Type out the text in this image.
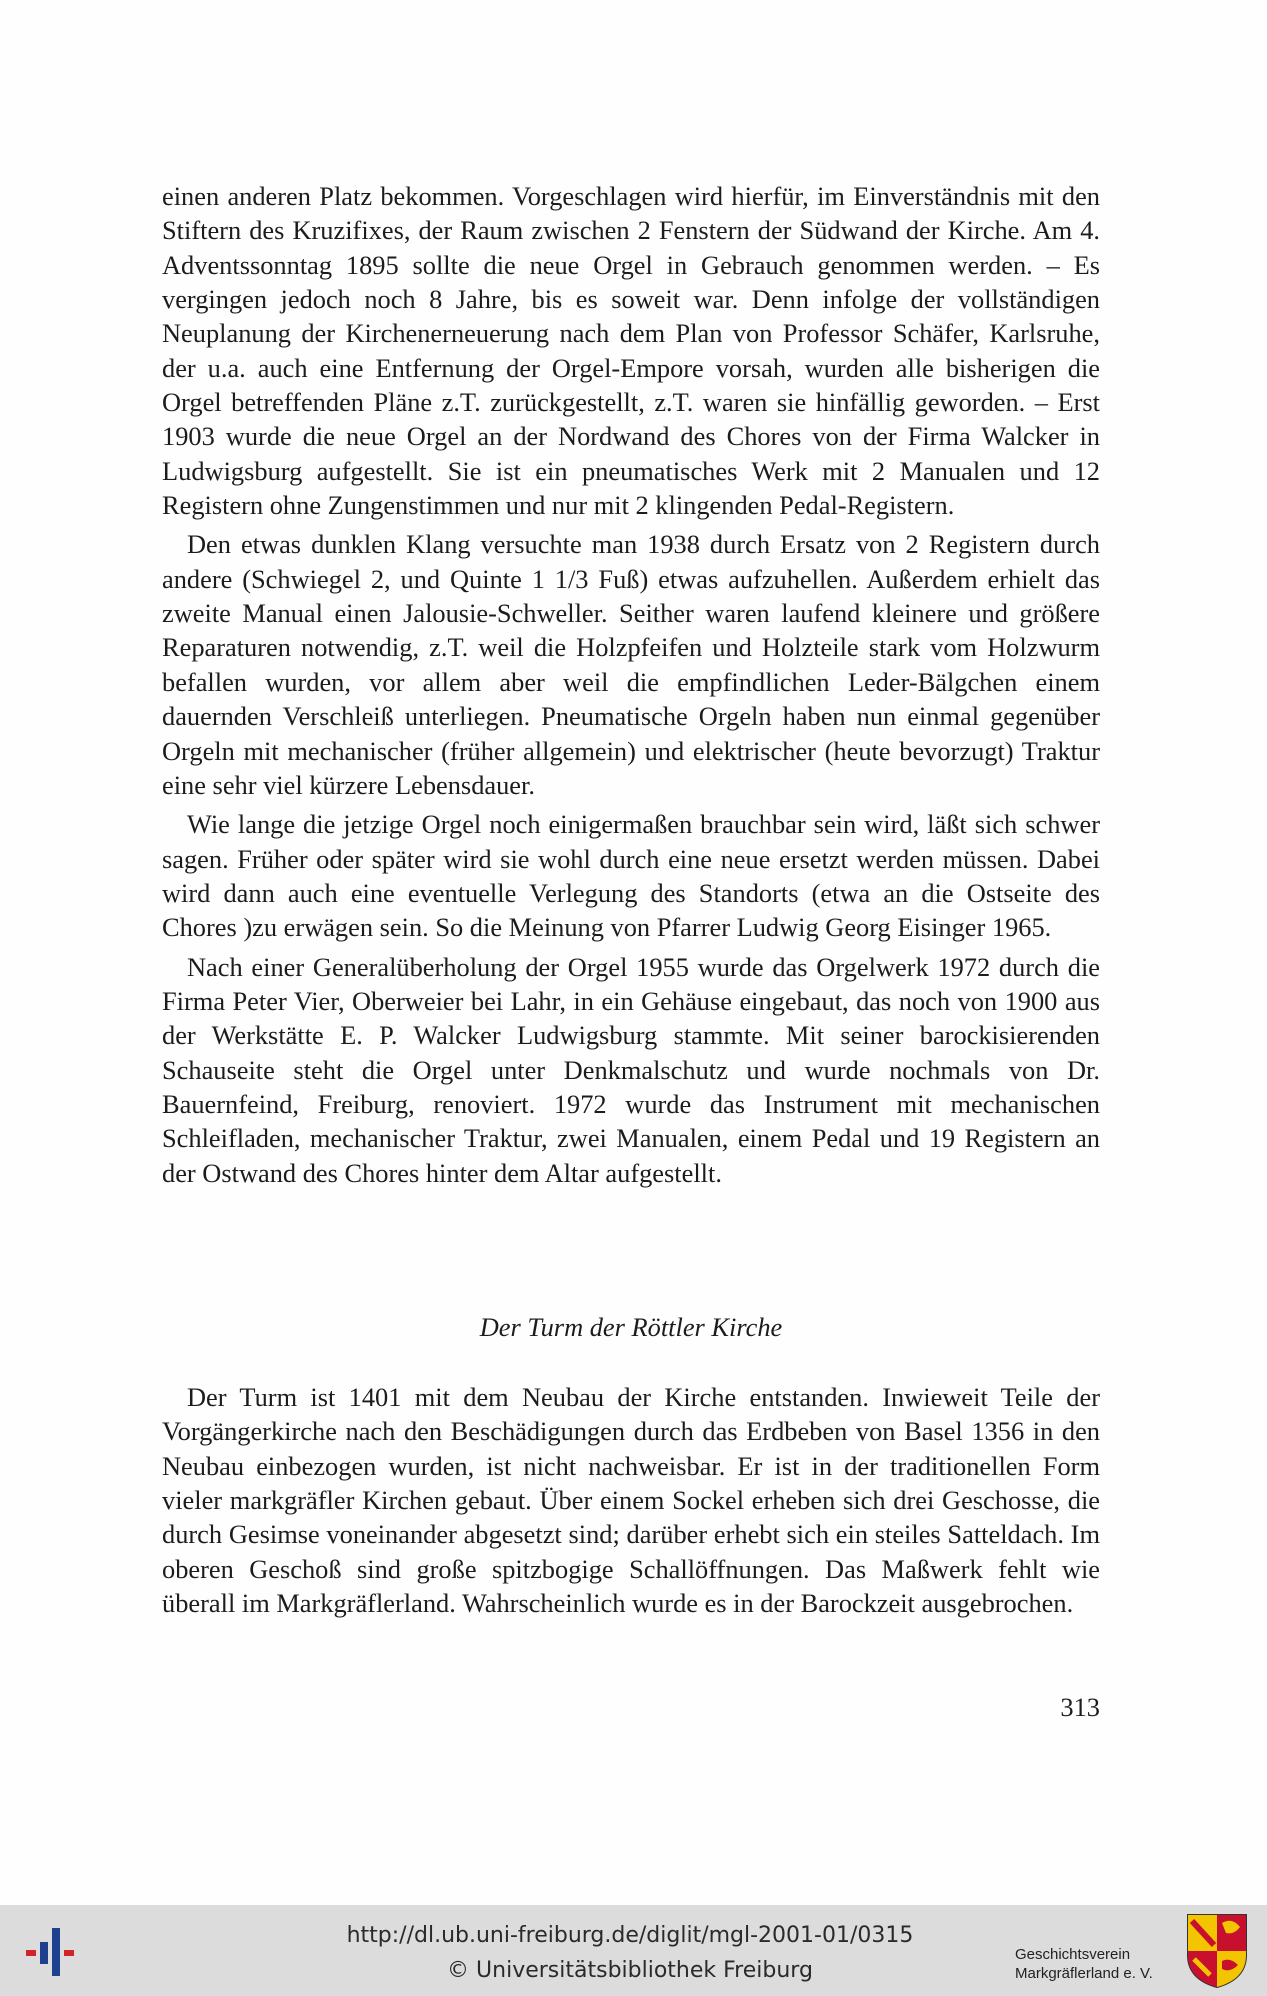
einen anderen Platz bekommen. Vorgeschlagen wird hierfür, im Einverständnis mit den Stiftern des Kruzifixes, der Raum zwischen 2 Fenstern der Südwand der Kirche. Am 4. Adventssonntag 1895 sollte die neue Orgel in Gebrauch genommen werden. – Es vergingen jedoch noch 8 Jahre, bis es soweit war. Denn infolge der vollständigen Neuplanung der Kirchenerneuerung nach dem Plan von Professor Schäfer, Karlsruhe, der u.a. auch eine Entfernung der Orgel-Empore vorsah, wurden alle bisherigen die Orgel betreffenden Pläne z.T. zurückgestellt, z.T. waren sie hinfällig geworden. – Erst 1903 wurde die neue Orgel an der Nordwand des Chores von der Firma Walcker in Ludwigsburg aufgestellt. Sie ist ein pneumatisches Werk mit 2 Manualen und 12 Registern ohne Zungenstimmen und nur mit 2 klingenden Pedal-Registern.

Den etwas dunklen Klang versuchte man 1938 durch Ersatz von 2 Registern durch andere (Schwiegel 2, und Quinte 1 1/3 Fuß) etwas aufzuhellen. Außerdem erhielt das zweite Manual einen Jalousie-Schweller. Seither waren laufend kleinere und größere Reparaturen notwendig, z.T. weil die Holzpfeifen und Holzteile stark vom Holzwurm befallen wurden, vor allem aber weil die empfindlichen Leder-Bälgchen einem dauernden Verschleiß unterliegen. Pneumatische Orgeln haben nun einmal gegenüber Orgeln mit mechanischer (früher allgemein) und elektrischer (heute bevorzugt) Traktur eine sehr viel kürzere Lebensdauer.

Wie lange die jetzige Orgel noch einigermaßen brauchbar sein wird, läßt sich schwer sagen. Früher oder später wird sie wohl durch eine neue ersetzt werden müssen. Dabei wird dann auch eine eventuelle Verlegung des Standorts (etwa an die Ostseite des Chores )zu erwägen sein. So die Meinung von Pfarrer Ludwig Georg Eisinger 1965.

Nach einer Generalüberholung der Orgel 1955 wurde das Orgelwerk 1972 durch die Firma Peter Vier, Oberweier bei Lahr, in ein Gehäuse eingebaut, das noch von 1900 aus der Werkstätte E. P. Walcker Ludwigsburg stammte. Mit seiner barockisierenden Schauseite steht die Orgel unter Denkmalschutz und wurde nochmals von Dr. Bauernfeind, Freiburg, renoviert. 1972 wurde das Instrument mit mechanischen Schleifladen, mechanischer Traktur, zwei Manualen, einem Pedal und 19 Registern an der Ostwand des Chores hinter dem Altar aufgestellt.

Der Turm der Röttler Kirche

Der Turm ist 1401 mit dem Neubau der Kirche entstanden. Inwieweit Teile der Vorgängerkirche nach den Beschädigungen durch das Erdbeben von Basel 1356 in den Neubau einbezogen wurden, ist nicht nachweisbar. Er ist in der traditionellen Form vieler markgräfler Kirchen gebaut. Über einem Sockel erheben sich drei Geschosse, die durch Gesimse voneinander abgesetzt sind; darüber erhebt sich ein steiles Satteldach. Im oberen Geschoß sind große spitzbogige Schallöffnungen. Das Maßwerk fehlt wie überall im Markgräflerland. Wahrscheinlich wurde es in der Barockzeit ausgebrochen.

313
http://dl.ub.uni-freiburg.de/diglit/mgl-2001-01/0315
© Universitätsbibliothek Freiburg
Geschichtsverein
Markgräflerland e. V.
